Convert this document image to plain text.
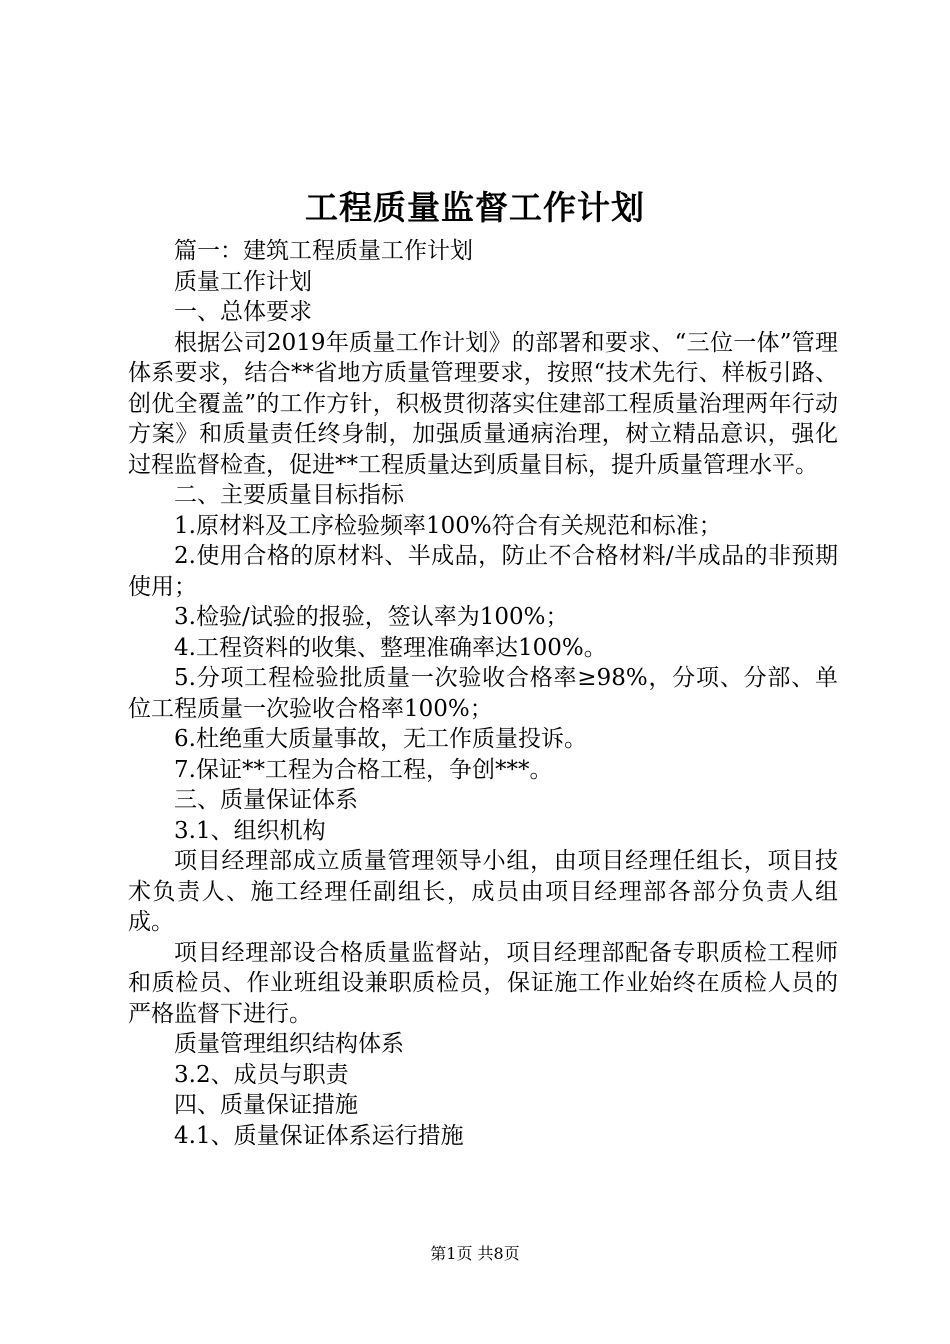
工程质量监督工作计划

篇一：建筑工程质量工作计划

质量工作计划

一、总体要求

根据公司2019年质量工作计划》的部署和要求、“三位一体”管理体系要求，结合**省地方质量管理要求，按照“技术先行、样板引路、创优全覆盖”的工作方针，积极贯彻落实住建部工程质量治理两年行动方案》和质量责任终身制，加强质量通病治理，树立精品意识，强化过程监督检查，促进**工程质量达到质量目标，提升质量管理水平。

二、主要质量目标指标

1.原材料及工序检验频率100%符合有关规范和标准；

2.使用合格的原材料、半成品，防止不合格材料/半成品的非预期使用；

3.检验/试验的报验，签认率为100%；

4.工程资料的收集、整理准确率达100%。

5.分项工程检验批质量一次验收合格率≥98%，分项、分部、单位工程质量一次验收合格率100%；

6.杜绝重大质量事故，无工作质量投诉。

7.保证**工程为合格工程，争创***。

三、质量保证体系

3.1、组织机构

项目经理部成立质量管理领导小组，由项目经理任组长，项目技术负责人、施工经理任副组长，成员由项目经理部各部分负责人组成。

项目经理部设合格质量监督站，项目经理部配备专职质检工程师和质检员、作业班组设兼职质检员，保证施工作业始终在质检人员的严格监督下进行。

质量管理组织结构体系

3.2、成员与职责

四、质量保证措施

4.1、质量保证体系运行措施

第1页 共8页
